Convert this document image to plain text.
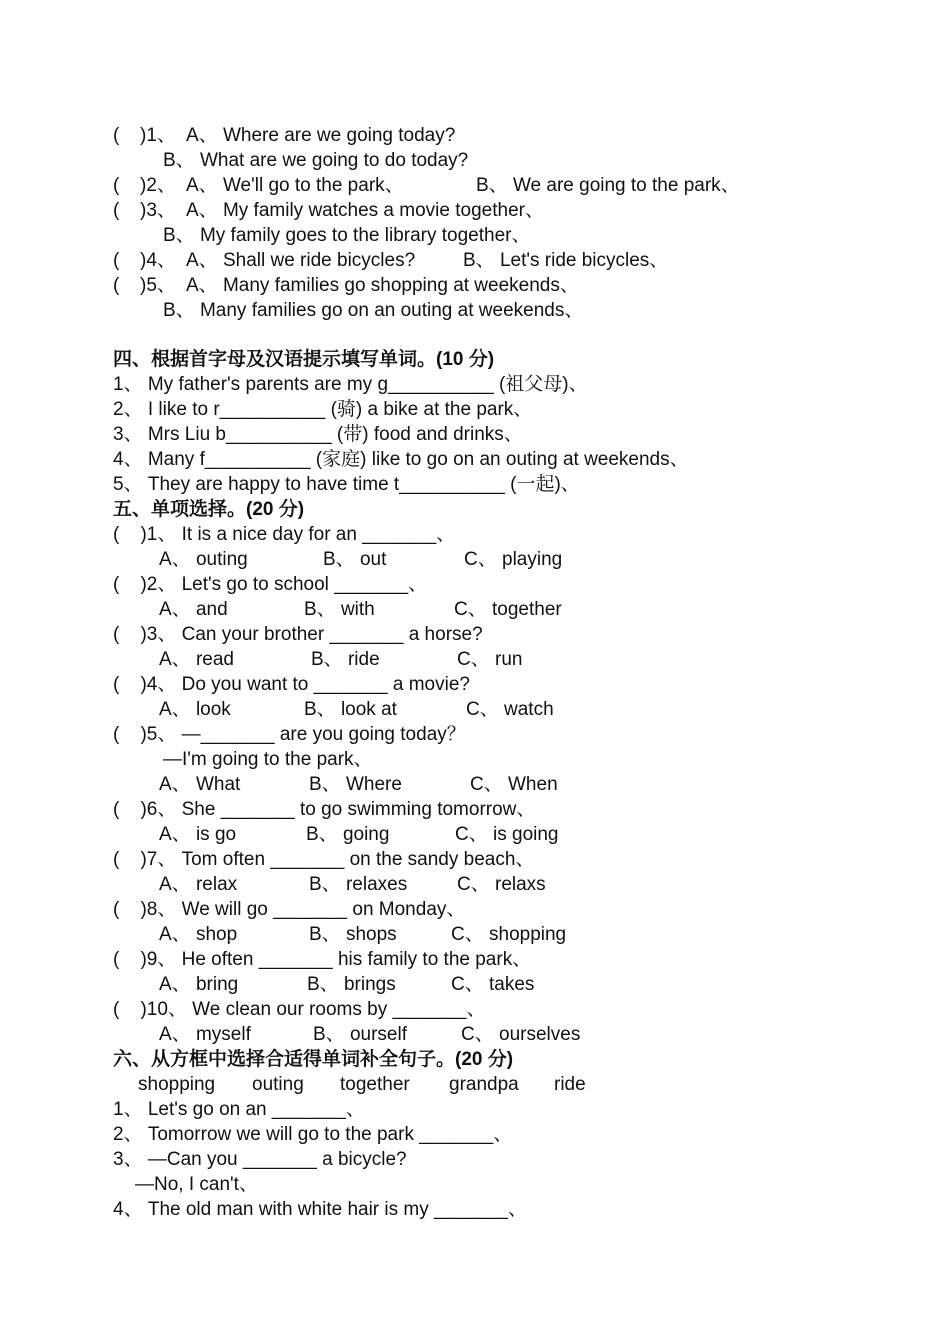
(

)1、

A、 Where are we going today?

B、 What are we going to do today?

(

)2、

A、 We'll go to the park、

	B、 We are going to the park、

(

)3、

A、 My family watches a movie together、

B、 My family goes to the library together、

(

)4、

A、 Shall we ride bicycles?

	B、 Let's ride bicycles、

(

)5、

A、 Many families go shopping at weekends、

B、 Many families go on an outing at weekends、

四、根据首字母及汉语提示填写单词。(10 分)
1、 My father's parents are my g__________ (祖父母)、
2、 I like to r__________ (骑) a bike at the park、
3、 Mrs Liu b__________ (带) food and drinks、
4、 Many f__________ (家庭) like to go on an outing at weekends、
5、 They are happy to have time t__________ (一起)、
五、单项选择。(20 分)
(    )1、 It is a nice day for an _______、

A、 outing

	B、 out

	C、 playing

(    )2、 Let's go to school _______、

A、 and

	B、 with

	C、 together

(    )3、 Can your brother _______ a horse?

A、 read

	B、 ride

	C、 run

(    )4、 Do you want to _______ a movie?

A、 look

	B、 look at

	C、 watch

(    )5、 —_______ are you going today？

—I'm going to the park、

A、 What

	B、 Where

	C、 When

(    )6、 She _______ to go swimming tomorrow、

A、 is go

	B、 going

	C、 is going

(    )7、 Tom often _______ on the sandy beach、

A、 relax

	B、 relaxes

	C、 relaxs

(    )8、 We will go _______ on Monday、

A、 shop

	B、 shops

	C、 shopping

(    )9、 He often _______ his family to the park、

A、 bring

	B、 brings

	C、 takes

(    )10、 We clean our rooms by _______、

A、 myself

	B、 ourself

	C、 ourselves

六、从方框中选择合适得单词补全句子。(20 分)

shopping

outing

together

grandpa

ride

1、 Let's go on an _______、
2、 Tomorrow we will go to the park _______、
3、 —Can you _______ a bicycle?

—No, I can't、

4、 The old man with white hair is my _______、
